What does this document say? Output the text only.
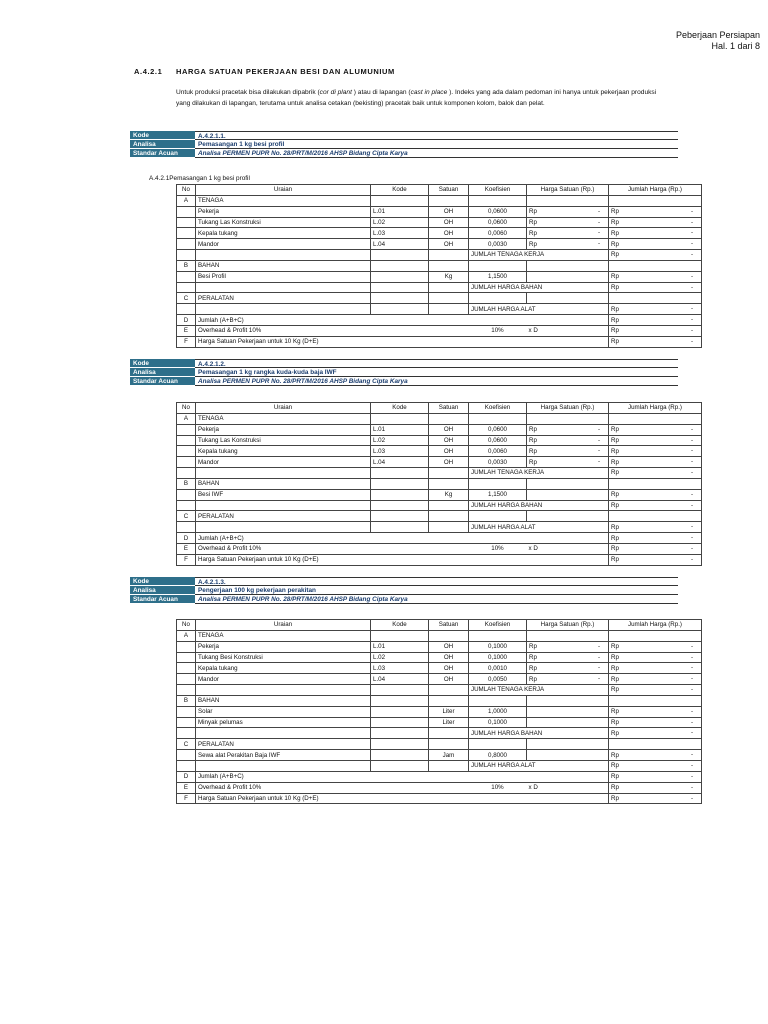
Peberjaan Persiapan
Hal. 1 dari 8
A.4.2.1 HARGA SATUAN PEKERJAAN BESI DAN ALUMUNIUM
Untuk produksi pracetak bisa dilakukan dipabrik (cor di plant ) atau di lapangan (cast in place ). Indeks yang ada dalam pedoman ini hanya untuk pekerjaan produksi yang dilakukan di lapangan, terutama untuk analisa cetakan (bekisting) pracetak baik untuk komponen kolom, balok dan pelat.
Kode	A.4.2.1.1.
Analisa	Pemasangan 1 kg besi profil
Standar Acuan	Analisa PERMEN PUPR No. 28/PRT/M/2016 AHSP Bidang Cipta Karya
A.4.2.1Pemasangan 1 kg besi profil
No	Uraian	Kode	Satuan	Koefisien	Harga Satuan (Rp.)	Jumlah Harga (Rp.)
A	TENAGA					
	Pekerja	L.01	OH	0,0600	Rp -	Rp -

	Tukang Las Konstruksi	L.02	OH	0,0600	Rp -	Rp -

	Kepala tukang	L.03	OH	0,0060	Rp -	Rp -

	Mandor	L.04	OH	0,0030	Rp -	Rp -

				JUMLAH TENAGA KERJA		Rp -

B	BAHAN					
	Besi Profil		Kg	1,1500		Rp -

				JUMLAH HARGA BAHAN		Rp -

C	PERALATAN					
				JUMLAH HARGA ALAT		Rp -

D	Jumlah (A+B+C)					Rp -

E	Overhead & Profit 10%			10%	x D	Rp -

F	Harga Satuan Pekerjaan untuk 10 Kg (D+E)					Rp -
Kode	A.4.2.1.2.
Analisa	Pemasangan 1 kg rangka kuda-kuda baja IWF
Standar Acuan	Analisa PERMEN PUPR No. 28/PRT/M/2016 AHSP Bidang Cipta Karya
No	Uraian	Kode	Satuan	Koefisien	Harga Satuan (Rp.)	Jumlah Harga (Rp.)
A	TENAGA					
	Pekerja	L.01	OH	0,0600	Rp -	Rp -

	Tukang Las Konstruksi	L.02	OH	0,0600	Rp -	Rp -

	Kepala tukang	L.03	OH	0,0060	Rp -	Rp -

	Mandor	L.04	OH	0,0030	Rp -	Rp -

				JUMLAH TENAGA KERJA		Rp -

B	BAHAN					
	Besi IWF		Kg	1,1500		Rp -

				JUMLAH HARGA BAHAN		Rp -

C	PERALATAN					
				JUMLAH HARGA ALAT		Rp -

D	Jumlah (A+B+C)					Rp -

E	Overhead & Profit 10%			10%	x D	Rp -

F	Harga Satuan Pekerjaan untuk 10 Kg (D+E)					Rp -
Kode	A.4.2.1.3.
Analisa	Pengerjaan 100 kg pekerjaan perakitan
Standar Acuan	Analisa PERMEN PUPR No. 28/PRT/M/2016 AHSP Bidang Cipta Karya
No	Uraian	Kode	Satuan	Koefisien	Harga Satuan (Rp.)	Jumlah Harga (Rp.)
A	TENAGA					
	Pekerja	L.01	OH	0,1000	Rp -	Rp -

	Tukang Besi Konstruksi	L.02	OH	0,1000	Rp -	Rp -

	Kepala tukang	L.03	OH	0,0010	Rp -	Rp -

	Mandor	L.04	OH	0,0050	Rp -	Rp -

				JUMLAH TENAGA KERJA		Rp -

B	BAHAN					
	Solar		Liter	1,0000		Rp -

	Minyak pelumas		Liter	0,1000		Rp -

				JUMLAH HARGA BAHAN		Rp -

C	PERALATAN					
	Sewa alat Perakitan Baja IWF		Jam	0,8000		Rp -

				JUMLAH HARGA ALAT		Rp -

D	Jumlah (A+B+C)					Rp -

E	Overhead & Profit 10%			10%	x D	Rp -

F	Harga Satuan Pekerjaan untuk 10 Kg (D+E)					Rp -
